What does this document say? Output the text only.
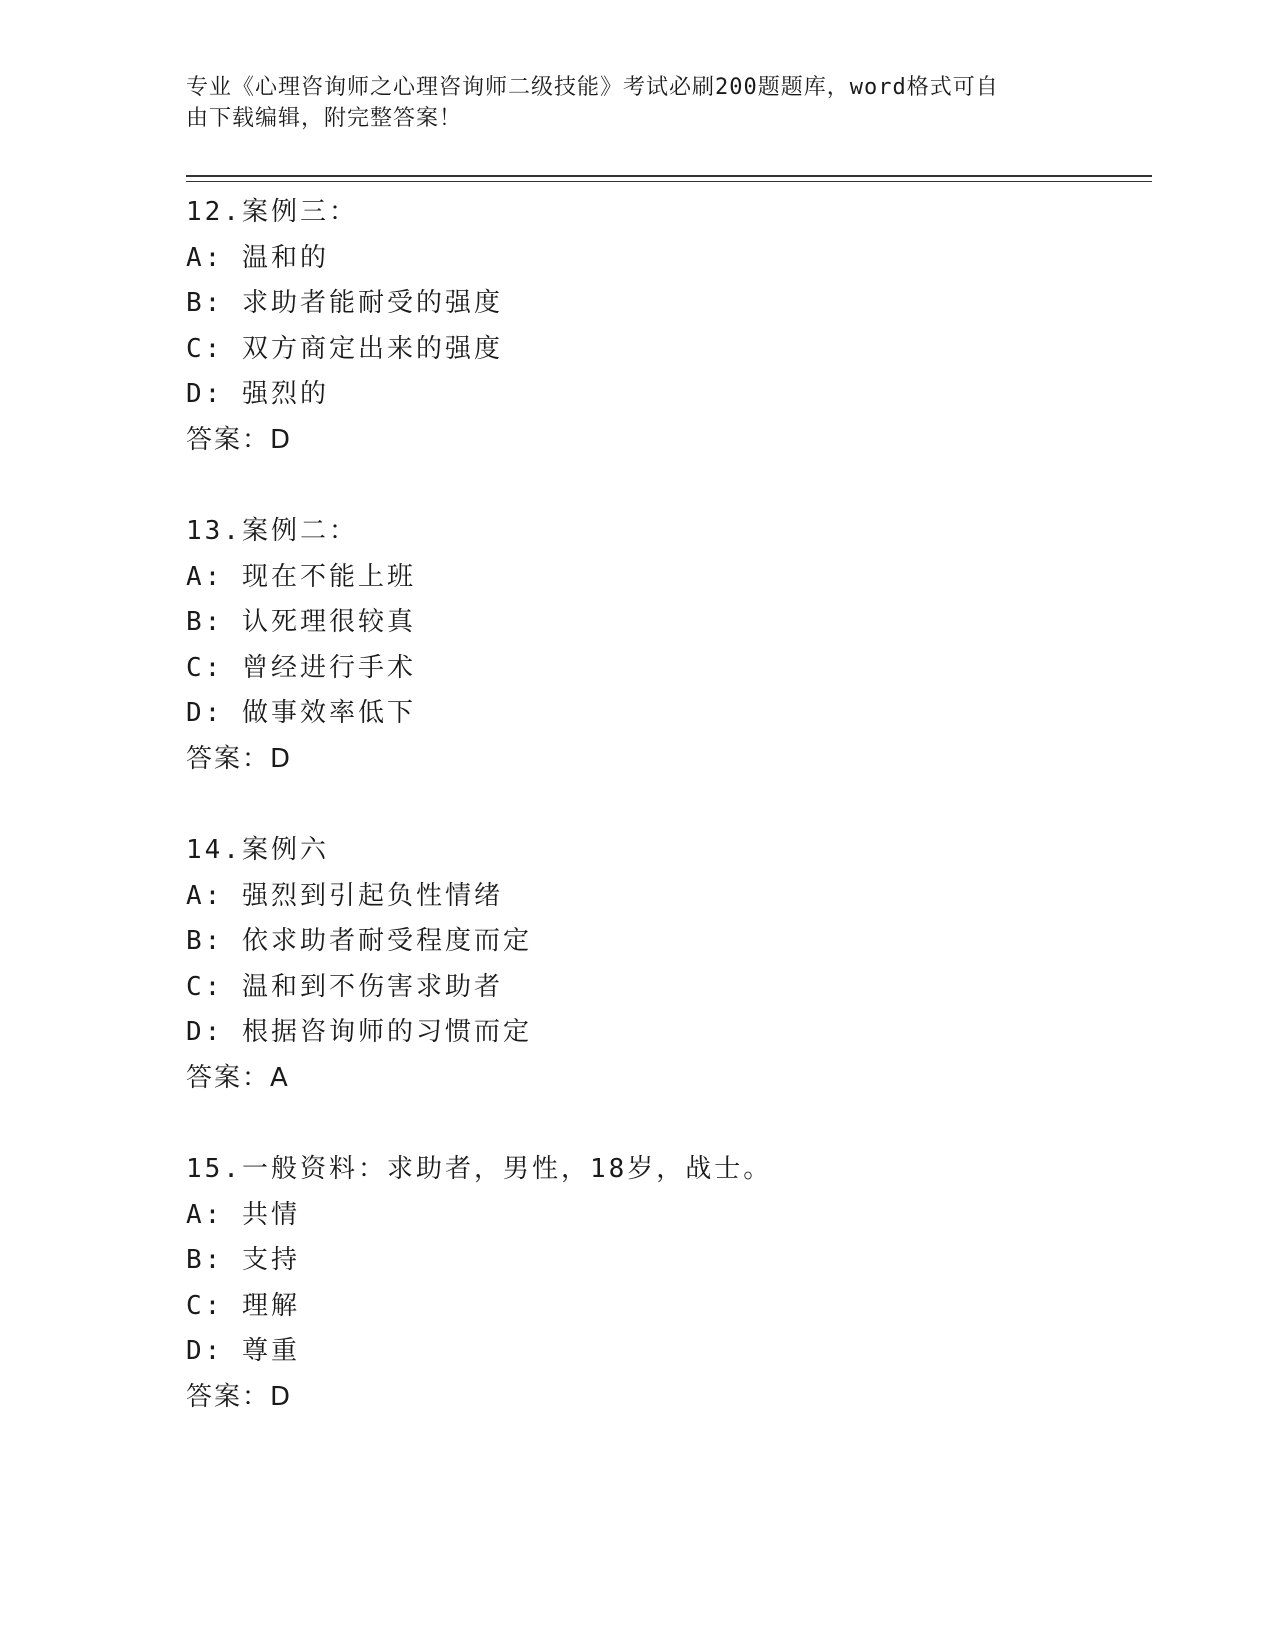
专业《心理咨询师之心理咨询师二级技能》考试必刷200题题库，word格式可自
由下载编辑，附完整答案！
12.案例三：
A: 温和的
B: 求助者能耐受的强度
C: 双方商定出来的强度
D: 强烈的
答案：D
13.案例二：
A: 现在不能上班
B: 认死理很较真
C: 曾经进行手术
D: 做事效率低下
答案：D
14.案例六
A: 强烈到引起负性情绪
B: 依求助者耐受程度而定
C: 温和到不伤害求助者
D: 根据咨询师的习惯而定
答案：A
15.一般资料：求助者，男性，18岁，战士。
A: 共情
B: 支持
C: 理解
D: 尊重
答案：D
